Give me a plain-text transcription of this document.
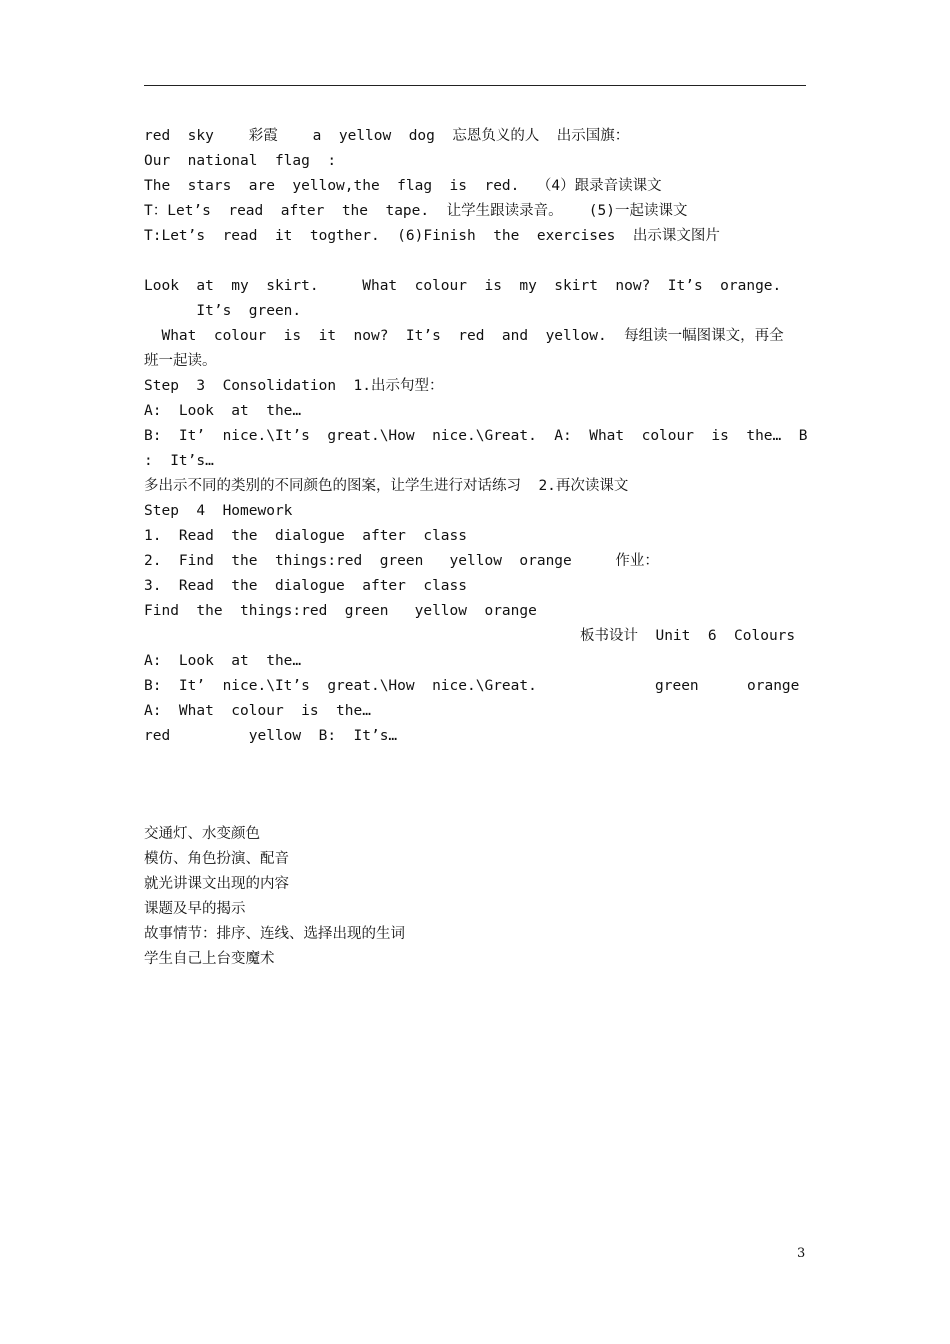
red  sky    彩霞    a  yellow  dog  忘恩负义的人  出示国旗：
Our  national  flag  :
The  stars  are  yellow,the  flag  is  red.  （4）跟录音读课文
T：Let’s  read  after  the  tape.  让学生跟读录音。   (5)一起读课文
T:Let’s  read  it  togther.  (6)Finish  the  exercises  出示课文图片
Look  at  my  skirt.     What  colour  is  my  skirt  now?  It’s  orange.
It’s  green.
What  colour  is  it  now?  It’s  red  and  yellow.  每组读一幅图课文，再全
班一起读。
Step  3  Consolidation  1.出示句型：
A:  Look  at  the…
B:  It’  nice.\It’s  great.\How  nice.\Great.  A:  What  colour  is  the…  B
:  It’s…
多出示不同的类别的不同颜色的图案，让学生进行对话练习  2.再次读课文
Step  4  Homework
1.  Read  the  dialogue  after  class
2.  Find  the  things:red  green   yellow  orange     作业：
3.  Read  the  dialogue  after  class
Find  the  things:red  green   yellow  orange
板书设计  Unit  6  Colours
A:  Look  at  the…
B:  It’  nice.\It’s  great.\How  nice.\Great.	green	orange
A:  What  colour  is  the…
red         yellow  B:  It’s…
交通灯、水变颜色
模仿、角色扮演、配音
就光讲课文出现的内容
课题及早的揭示
故事情节：排序、连线、选择出现的生词
学生自己上台变魔术
3
